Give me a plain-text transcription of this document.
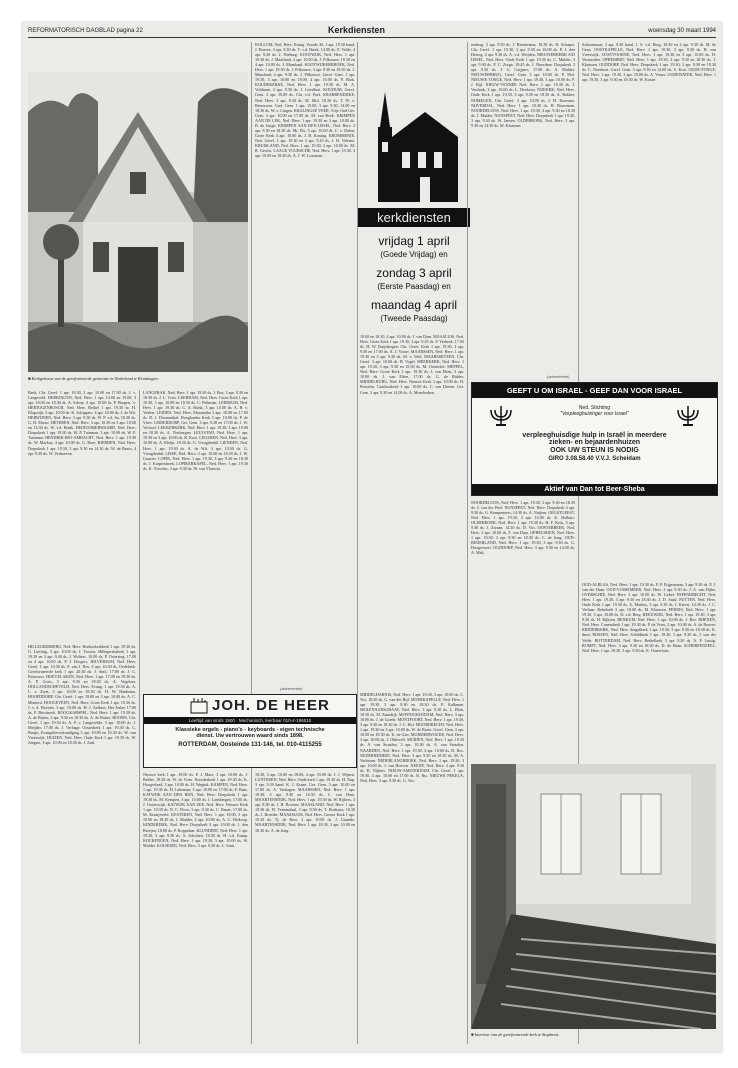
REFORMATORISCH DAGBLAD pagina 22	Kerkdiensten	woensdag 30 maart 1994
■ Kerkgebouw van de gereformeerde gemeente in Nederland te Kruiningen.

Beek, Chr. Geref. 1 apr. 19.30, 3 apr. 10.00 en 17.00 ds. J. v. Langeveld. HERKINGEN, Ned. Herv. 1 apr. 14.00 en 19.00, 3 apr. 10.00 en 18.30 dr. A. Schop. 4 apr. 10.00 hr. P. Bregen. 's-HERTOGENBOSCH, Ned. Herv. Bethel 1 apr. 19.30 hr. H. Klapwijk, 3 apr. 10.00 ds. K. Schippers. 4 apr. 10.00 ds. J. de Wit. HERWIJNEN, Ned. Herv. 3 apr. 9.30 ds. W. P. v.d. Sa. 18.30 ds. G. H. Mouw. HETEREN, Ned. Herv. 3 apr. 10.30 en 3 apr. 10.00 en 14.30 ds. W. v.d. Brink. HEINOOMERWAARD, Ned. Herv. Dorpskerk 1 apr. 19.30 ds. W. P. Tuinman, 3 apr. 10.00 ds. W. P. Tuinman. HENDRIK-IDO-AMBACHT, Ned. Herv. 1 apr. 19.30 ds. W. Markus, 4 apr. 10.00 ds. G. Boer. HIERDEN, Ned. Herv. Dorpskerk 1 apr. 19.30, 3 apr. 9.30 en 14.30 ds. W. de Bruin, 4 apr. 9.30 ds. W. Verhoeven.

HILLEGERSBERG, Ned. Herv. Hoeksekerkkerk 1 apr. 19.30 ds. G. Liefting, 3 apr. 10.00 ds. J. Troosts. Hillegersbakerk 1 apr. 19.30 en 3 apr. 9.30 ds. J. Wolters. 10.00 ds. P. Ostersteg, 17.00 en 4 apr. 10.00 ds. P. J. Drogers. HILVERSUM, Ned. Herv. Geref. 1 apr. 19.30 ds. P. van J. Bos. 3 apr. 10.30 ds. Oedekerk. Gereformeerde kerk 1 apr. 20.30 ds. J. Smit, 17.00 ds. J. C. Brouwers. HOEVELAKEN, Ned. Herv. 1 apr. 17.00 en 19.30 ds. A. P. Goris, 3 apr. 9.30 en 18.30 ds. A. Vogelaar. HOLLANDSCHEVELD, Ned. Herv. Evang. 1 apr. 19.30 ds. A. L. v. Zwet, 3 apr. 10.00 en 18.30 ds. H. W. Hankema. HOOFDDORP, Chr. Geref. 1 apr. 19.00 en 3 apr. 10.00 ds. A. C. Mosterd. HOOGEVEEN, Ned. Herv. Grote Kerk 1 apr. 19.30 ds. J. v. d. Hoeven, 3 apr. 10.00 ds. H. J. Aalbers. Het Anker 17.00 ds. P. Biesbroek. HOOGKARSPEL, Ned. Herv. 1 apr. 19.30 ds. A. de Ruiter, 3 apr. 9.30 en 18.30 ds. A. de Ruiter. HOORN, Chr. Geref. 1 apr. 19.30 ds. A. P. v. Langevelde, 3 apr. 10.00 ds. J. Meijder, 17.00 ds. J. Verhage. Oosterkerk 1 apr. 19.30 ds. C. Bruijn, Evangelieverkondiging 3 apr. 10.00 en 18.30 ds. W. van Vreeswijk. HUIZEN, Ned. Herv. Oude Kerk 1 apr. 19.30 ds. W. Jongste, 3 apr. 10.00 en 18.30 ds. J. Zaal.

LANGERAK, Ned. Herv. 1 apr. 19.30 ds. J. Bos, 3 apr. 9.30 en 18.30 ds. J. L. Vries. LEERDAM, Ned. Herv. Grote Kerk 1 apr. 19.30, 3 apr. 10.00 en 18.30 ds. C. Pelkman. LEERSUM, Ned. Herv. 1 apr. 19.30 ds. C. A. Brink, 3 apr. 10.00 ds. A. H. v. Veelen. LEIDEN, Ned. Herv. Maranatha 3 apr. 10.00 en 17.00 ds. D. J. Doornenbal. Hooglandse Kerk 3 apr. 10.00 ds. P. de Vries. LEIDERDORP, Ger. Gem. 3 apr. 9.30 en 17.00 ds. J. W. Verhoef. LEKKERKERK, Ned. Herv. 1 apr. 19.30, 3 apr. 10.00 en 18.30 ds. A. Vierbergen. LELYSTAD, Ned. Herv. 1 apr. 19.30 en 3 apr. 10.00 ds. R. Kooi. LEUSDEN, Ned. Herv. 3 apr. 10.00 ds. A. Kleijn, 18.30 ds. G. Vreugdenhil. LIENDEN, Ned. Herv. 1 apr. 19.30 ds. A. de Wit, 3 apr. 10.00 ds. G. Vreugdenhil. LISSE, Ned. Herv. 3 apr. 10.00 en 18.30 ds. J. W. Gunster. LOPIK, Ned. Herv. 1 apr. 19.30, 3 apr. 9.30 en 18.30 ds. J. Kurpershoek. LOPIKERKAPEL, Ned. Herv. 1 apr. 19.30 ds. K. Visscher, 3 apr. 9.30 ds. W. van Vlastuin.

KOLLUM, Ned. Herv. Evang. Voorde 26, 1 apr. 19.30 kand. J. Boeree, 3 apr. 9.30 ds. T. v.d. Brink, 14.00 ds. F. Velde, 4 apr. 9.30 ds. J. Nieburg. KOOTWIJK, Ned. Herv. 1 apr. 19.30 ds. J. Maasland, 3 apr. 10.00 ds. J. Pilkouwe, 18.30 en 4 apr. 10.00 ds. J. Maasland. KOOTWIJKERBROEK, Ned. Herv. 1 apr. 19.30 ds. J. Pilkouwe, 3 apr. 9.30 en 18.30 ds. J. Maasland, 4 apr. 9.30 ds. J. Pilkouwe. Geref. Gem. 1 apr. 19.30, 3 apr. 10.00 en 18.00, 4 apr. 10.00 ds. P. Blok. KOUDEKERKE, Ned. Herv. 1 apr. 19.30 ds. M. A. Voldman, 3 apr. 9.30 ds. J. Goedhart. KOUDUM, Geref. Gem. 3 apr. 10.00 ds. Chr. v.d. Poel. KRABBENDIJKE, Ned. Herv. 3 apr. 9.30 ds. M. Mol, 18.30 ds. T. W. v. Besouwen. Gref. Gem. 1 apr. 19.00, 3 apr. 9.30, 14.00 en 18.30 ds. W. v. Lingen. KRALINGSE VEER, Vrije Oud Ger. Gem. 3 apr. 10.00 en 17.00 ds. M. van Beek. KRIMPEN AAN DE LEK, Ned. Herv. 1 apr. 19.30 en 3 apr. 10.00 ds. B. de Jongh. KRIMPEN AAN DEN IJSSEL, Ned. Herv. 3 apr. 9.30 en 18.30 ds. Mr. Els, 3 apr. 10.00 ds. C. v. Dalen. Grote Kerk 4 apr. 10.00 ds. J. B. Koning. KROMMENIE, Ned. Geref. 1 apr. 19.30 en 3 apr. 9.30 ds. J. H. Velema. KRUISLAND, Ned. Herv. 1 apr. 19.30, 3 apr. 10.00 ds. M. R. Gerrits. LAAGE VUURSCHE, Ned. Herv. 1 apr. 19.30, 3 apr. 10.00 en 18.30 ds. A. J. W. Lozeman.

kerkdiensten
vrijdag 1 april
(Goede Vrijdag) en
zondag 3 april
(Eerste Paasdag) en
maandag 4 april
(Tweede Paasdag)

10.00 en 18.30, 4 apr. 10.00 ds. J. van Dam. MAASLUIS, Ned. Herv. Grote Kerk 1 apr. 19.30, 3 apr. 9.45 ds. P. Verbeek, 17.00 ds. H. W. Ruijsbergen. Chr. Geref. Kerk 1 apr. 19.30, 3 apr. 9.30 en 17.00 ds. A. J. Visser. MAARSSEN, Ned. Herv. 1 apr. 19.30 en 3 apr. 9.30 ds. M. v. Veld. MAARSSEVEEN, Chr. Geref. 3 apr. 10.00 ds. H. Vogel. MEERKERK, Ned. Herv. 1 apr. 19.30, 3 apr. 9.30 en 18.30 ds. M. Oosterlee. MEPPEL, Ned. Herv. Grote Kerk 1 apr. 19.30 ds. J. van Elten, 3 apr. 10.00 ds. J. van Elten, 17.00 ds. G. de Ridder. MIDDELBURG, Ned. Herv. Nieuwe Kerk 3 apr. 10.00 ds. H. Ponstein. Gasthuiskerk 3 apr. 10.00 ds. C. van Dieren. Ger. Gem. 3 apr. 9.30 en 14.00 ds. A. Moerkerken.

tenberg. 3 apr. 9.30 ds. J. Riemersma, 18.30 ds. H. Schaper. Chr. Geref. 1 apr. 19.30, 3 apr. 9.30 en 16.00 ds. P. J. den Hertog, 4 apr. 9.30 ds. A. v.d. Weijden. NIEUWERKERK A/D IJSSEL, Ned. Herv. Oude Kerk 1 apr. 19.30 ds. C. Mulder, 3 apr. 9.30 ds. P. C. Zorge, 18.45 ds. J. Noordam. Dorpskerk 3 apr. 9.30 ds. J. G. Cuijpers, 17.00 ds. A. Mulder. NIEUWERBRUG, Geref. Gem. 3 apr. 10.00 ds. P. Mol. NIEUWE TONGE, Ned. Herv. 1 apr. 19.30, 3 apr. 10.00 ds. P. J. Bijl. NIEUW-VENNEP, Ned. Herv. 1 apr. 19.30 ds. J. Verdonk, 3 apr. 10.00 ds. L. Hoekstra. NIJKERK, Ned. Herv. Oude Kerk 1 apr. 19.30, 3 apr. 9.30 en 18.30 ds. A. Bakker. NIJMEGEN, Chr. Geref. 3 apr. 10.00 ds. J. H. Boersma. NIJVERDAL, Ned. Herv. 1 apr. 19.30 ds. H. Bouwman. NOORDELOOS, Ned. Herv. 1 apr. 19.30, 3 apr. 9.30 en 18.30 ds. J. Mulder. NUNSPEET, Ned. Herv. Dorpskerk 1 apr. 19.30, 3 apr. 9.30 ds. W. Jansen. OLDEBROEK, Ned. Herv. 3 apr. 9.30 en 14.30 ds. M. Klaassen.

Schoonmaat, 3 apr. 9.30 kand. J. A. v.d. Berg, 18.30 en 4 apr. 9.30 ds. M. de Geus. OOSTKAPELLE, Ned. Herv. 1 apr. 19.30, 3 apr. 9.30 ds. H. van Vreeswijk. OOSTVOORNE, Ned. Herv. 1 apr. 19.30 en 3 apr. 10.00 ds. H. Vermeulen. OPHEMERT, Ned. Herv. 1 apr. 19.30, 3 apr. 9.30 en 18.30 ds. J. Klaassen. OUDDORP, Ned. Herv. Dorpskerk 1 apr. 19.30, 3 apr. 9.30 en 18.30 ds. C. Neerhout. Geref. Gem. 3 apr. 9.30 en 14.00 ds. A. Kort. OUDE-TONGE, Ned. Herv. 1 apr. 19.30, 3 apr. 10.00 ds. A. Visser. OUDEWATER, Ned. Herv. 1 apr. 19.30, 3 apr. 9.30 en 18.30 ds. W. Koster.

OUD-ALBLAS, Ned. Herv. 1 apr. 19.30 ds. F. P. Eijgenraam, 3 apr. 9.30 ds. P. J. van der Ham. OUD-VOSSEMEER, Ned. Herv. 3 apr. 9.30 ds. J. A. van Dijke. OVERSCHIE, Ned. Herv. 3 apr. 10.00 ds. W. Gobel. PAPENDRECHT, Ned. Herv. 1 apr. 19.30, 3 apr. 9.30 en 18.30 ds. J. D. Staal. PUTTEN, Ned. Herv. Oude Kerk 1 apr. 19.30 ds. A. Markus, 3 apr. 9.30 ds. J. Kievit, 14.30 ds. J. C. Verhaar. Rehoboth 3 apr. 10.00 ds. M. Klaassen. PERNIS, Ned. Herv. 1 apr. 19.30, 3 apr. 10.00 ds. D. v.d. Berg. REEUWIJK, Ned. Herv. 1 apr. 19.30, 3 apr. 9.30 ds. H. Rijksen. RENKUM, Ned. Herv. 3 apr. 10.00 ds. J. Bos. RHENEN, Ned. Herv. Cunerakerk 1 apr. 19.30 ds. P. de Vries, 3 apr. 10.00 ds. A. de Reuver. RIDDERKERK, Ned. Herv. Singelkerk 1 apr. 19.30, 3 apr. 9.30 en 18.30 ds. K. Smit. RIJSSEN, Ned. Herv. Schildkerk 1 apr. 19.30, 3 apr. 9.30 ds. J. van der Velde. ROTTERDAM, Ned. Herv. Bethelkerk 3 apr. 9.30 ds. A. P. Lustig. RUMPT, Ned. Herv. 3 apr. 9.30 en 18.30 ds. D. de Haan. SCHERPENZEEL, Ned. Herv. 1 apr. 19.30, 3 apr. 9.30 ds. E. Oosterhuis.

(advertentie)
GEEFT U OM ISRAEL - GEEF DAN VOOR ISRAEL
Ned. Stichting
"Verpleeghuizinger voor Israel"
verpleeghuisdige hulp in Israël in meerdere
zieken- en bejaardenhuizen
OOK UW STEUN IS NODIG
GIRO 3.08.58.40 V.V.J. Scheidam
Aktief van Dan tot Beer-Sheba

NOORDELOOS, Ned. Herv. 1 apr. 19.30, 3 apr. 9.30 en 18.30 ds. J. van der Poel. NUNSPEET, Ned. Herv. Dorpskerk 3 apr. 9.30 ds. G. Kempeneers, 14.30 ds. A. Nuijten. OEGSTGEEST, Ned. Herv. 1 apr. 19.30, 3 apr. 10.00 ds. K. Bolhuis. OLDEBROEK, Ned. Herv. 1 apr. 19.30 ds. H. F. Krüs, 3 apr. 9.30 ds. J. Zwaan, 14.30 ds. D. Vos. OOSTERBEEK, Ned. Herv. 3 apr. 10.00 ds. F. van Dam. OPHEUSDEN, Ned. Herv. 1 apr. 19.30, 3 apr. 9.30 en 18.30 ds. C. de Jong. OUD-BEIJERLAND, Ned. Herv. 1 apr. 19.30, 3 apr. 9.30 ds. G. Hoogerwerf. OUDDORP, Ned. Herv. 3 apr. 9.30 en 14.00 ds. A. Mak.

MIDDELHARNIS, Ned. Herv. 1 apr. 19.30, 3 apr. 10.00 ds. C. Vos, 18.30 ds. G. van der Bijl. MOERKAPELLE, Ned. Herv. 1 apr. 19.30, 3 apr. 9.30 en 18.30 ds. P. Kalkman. MOLENAARSGRAAF, Ned. Herv. 3 apr. 9.30 ds. L. Blok, 18.30 ds. M. Zaandijk. MONNICKENDAM, Ned. Herv. 3 apr. 10.00 ds. J. de Goede. MONTFOORT, Ned. Herv. 1 apr. 19.30, 3 apr. 9.30 en 18.30 ds. J. C. Hol. MOORDRECHT, Ned. Herv. 1 apr. 19.30 en 3 apr. 10.00 ds. W. de Bruin. Geref. Gem. 3 apr. 10.00 en 18.30 ds. K. de Gier. MURMERWOUDE, Ned. Herv. 3 apr. 10.00 ds. J. Oldewelt. MUIDEN, Ned. Herv. 1 apr. 19.30 ds. A. van Straalen, 3 apr. 10.30 ds. A. van Straalen. NAARDEN, Ned. Herv. 1 apr. 19.30, 3 apr. 10.00 ds. D. Ros. NEDERHEMERT, Ned. Herv. 3 apr. 9.30 en 18.30 ds. M. A. Verboom. NEDERLANGBROEK, Ned. Herv. 1 apr. 19.30, 3 apr. 10.00 ds. J. van Hoeven. NEEDE, Ned. Herv. 3 apr. 9.30 ds. H. Nijhuis. NIEUW-AMSTERDAM, Chr. Geref. 1 apr. 19.30, 3 apr. 10.00 en 17.00 ds. R. Ris. NIEUWE PEKELA, Ned. Herv. 3 apr. 9.30 ds. G. Vos.

■ Interieur van de gereformeerde kerk te Stapherst.
(advertentie)
JOH. DE HEER
Leeftijd van sinds 1900 · Mechanisch, leerbaar 010-4-196615
Klassieke orgels - piano's - keyboards - eigen technische
dienst. Uw vertrouwen waard sinds 1898.
ROTTERDAM, Oosteinde 131-146, tel. 010-4115255

Nieuwe kerk 1 apr. 19.00 ds. P. J. Mare, 3 apr. 10.00 ds. J. Belder, 18.30 ds. W. de Vries. Noorderkerk 1 apr. 19.30 ds. K. Hoogerland, 3 apr. 10.00 ds. H. Wegink. KAMPEN, Ned. Herv. 1 apr. 19.30 ds. H. Lakeman, 3 apr. 10.00 en 17.00 ds. F. Baas. KATWIJK AAN DEN RIJN, Ned. Herv. Dorpskerk 1 apr. 19.30 ds. M. Kempen, 3 apr. 10.00 ds. J. Lansbergen, 17.00 ds. J. Oosterwijk. KATWIJK AAN ZEE, Ned. Herv. Nieuwe Kerk 1 apr. 19.30 ds. D. C. Floor, 3 apr. 9.30 ds. C. Bauer, 17.00 ds. M. Kraaijeveld. KESTEREN, Ned. Herv. 1 apr. 19.00, 3 apr. 10.00 en 18.30 ds. J. Mulder, 4 apr. 10.00 ds. A. C. Heikoop. KINDERDIJK, Ned. Herv. Dorpskerk 3 apr. 10.00 ds. J. den Breejen, 18.00 ds. P. Koppelaar. KLUNDERT, Ned. Herv. 1 apr. 19.30, 3 apr. 9.30 ds. A. Scholten, 18.30 ds. H. v.d. Kamp. KOCKENGEN, Ned. Herv. 1 apr. 19.30, 3 apr. 10.00 ds. W. Mulder. KOLHORN, Ned. Herv. 3 apr. 9.30 ds. L. Smit.

18.30, 3 apr. 10.00 en 18.00, 4 apr. 10.00 ds. J. J. Wijnen. LUNTEREN, Ned. Herv. Oude kerk 1 apr. 19.30 ds. H. Nap, 3 apr. 9.30 kand. K. J. Kraan. Ger. Gem. 3 apr. 10.00 en 17.00 ds. A. Verhagen. MAARSSEN, Ned. Herv. 1 apr. 19.30, 3 apr. 9.30 en 18.30 ds. C. van Ham. MAARTENSDIJK, Ned. Herv. 1 apr. 19.30 ds. W. Rijkers, 3 apr. 9.30 ds. J. H. Borsten. MAASLAND, Ned. Herv. 1 apr. 19.30 ds. W. Veenendaal, 3 apr. 9.30 ds. T. Hoekstra, 18.30 ds. J. Broeder. MAASSLUIS, Ned. Herv. Groote Kerk 1 apr. 19.30 ds. Tj. de Boer, 3 apr. 10.00 ds. J. Grandia. MAARTENSDIJK, Ned. Herv. 1 apr. 18.30, 3 apr. 10.00 en 18.30 ds. A. de Jong.
